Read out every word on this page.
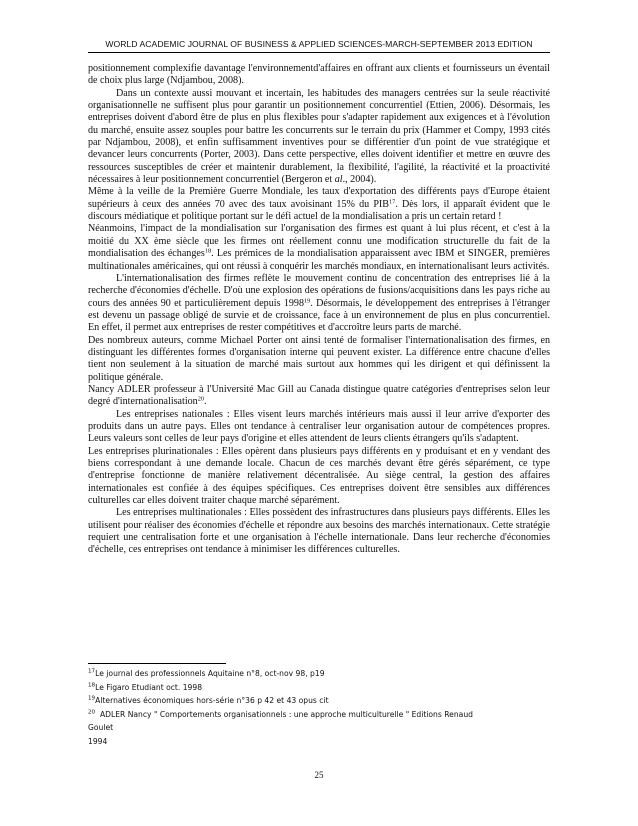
WORLD ACADEMIC JOURNAL OF BUSINESS & APPLIED SCIENCES-MARCH-SEPTEMBER 2013 EDITION

positionnement complexifie davantage l'environnementd'affaires en offrant aux clients et fournisseurs un éventail de choix plus large (Ndjambou, 2008).

Dans un contexte aussi mouvant et incertain, les habitudes des managers centrées sur la seule réactivité organisationnelle ne suffisent plus pour garantir un positionnement concurrentiel (Ettien, 2006). Désormais, les entreprises doivent d'abord être de plus en plus flexibles pour s'adapter rapidement aux exigences et à l'évolution du marché, ensuite assez souples pour battre les concurrents sur le terrain du prix (Hammer et Compy, 1993 cités par Ndjambou, 2008), et enfin suffisamment inventives pour se différentier d'un point de vue stratégique et devancer leurs concurrents (Porter, 2003). Dans cette perspective, elles doivent identifier et mettre en œuvre des ressources susceptibles de créer et maintenir durablement, la flexibilité, l'agilité, la réactivité et la proactivité nécessaires à leur positionnement concurrentiel (Bergeron et al., 2004).

Même à la veille de la Première Guerre Mondiale, les taux d'exportation des différents pays d'Europe étaient supérieurs à ceux des années 70 avec des taux avoisinant 15% du PIB$^{17}$. Dès lors, il apparaît évident que le discours médiatique et politique portant sur le défi actuel de la mondialisation a pris un certain retard !

Néanmoins, l'impact de la mondialisation sur l'organisation des firmes est quant à lui plus récent, et c'est à la moitié du XX ème siècle que les firmes ont réellement connu une modification structurelle du fait de la mondialisation des échanges$^{18}$. Les prémices de la mondialisation apparaissent avec IBM et SINGER, premières multinationales américaines, qui ont réussi à conquérir les marchés mondiaux, en internationalisant leurs activités.

L'internationalisation des firmes reflète le mouvement continu de concentration des entreprises lié à la recherche d'économies d'échelle. D'où une explosion des opérations de fusions/acquisitions dans les pays riche au cours des années 90 et particulièrement depuis 1998$^{19}$. Désormais, le développement des entreprises à l'étranger est devenu un passage obligé de survie et de croissance, face à un environnement de plus en plus concurrentiel. En effet, il permet aux entreprises de rester compétitives et d'accroître leurs parts de marché.

Des nombreux auteurs, comme Michael Porter ont ainsi tenté de formaliser l'internationalisation des firmes, en distinguant les différentes formes d'organisation interne qui peuvent exister. La différence entre chacune d'elles tient non seulement à la situation de marché mais surtout aux hommes qui les dirigent et qui définissent la politique générale.

Nancy ADLER professeur à l'Université Mac Gill au Canada distingue quatre catégories d'entreprises selon leur degré d'internationalisation$^{20}$.

Les entreprises nationales : Elles visent leurs marchés intérieurs mais aussi il leur arrive d'exporter des produits dans un autre pays. Elles ont tendance à centraliser leur organisation autour de compétences propres. Leurs valeurs sont celles de leur pays d'origine et elles attendent de leurs clients étrangers qu'ils s'adaptent.

Les entreprises plurinationales : Elles opèrent dans plusieurs pays différents en y produisant et en y vendant des biens correspondant à une demande locale. Chacun de ces marchés devant être gérés séparément, ce type d'entreprise fonctionne de manière relativement décentralisée. Au siège central, la gestion des affaires internationales est confiée à des équipes spécifiques. Ces entreprises doivent être sensibles aux différences culturelles car elles doivent traiter chaque marché séparément.

Les entreprises multinationales : Elles possèdent des infrastructures dans plusieurs pays différents. Elles les utilisent pour réaliser des économies d'échelle et répondre aux besoins des marchés internationaux. Cette stratégie requiert une centralisation forte et une organisation à l'échelle internationale. Dans leur recherche d'économies d'échelle, ces entreprises ont tendance à minimiser les différences culturelles.

$^{17}$Le journal des professionnels Aquitaine n°8, oct-nov 98, p19
$^{18}$Le Figaro Etudiant oct. 1998
$^{19}$Alternatives économiques hors-série n°36 p 42 et 43 opus cit
$^{20}$  ADLER Nancy " Comportements organisationnels : une approche multiculturelle " Editions Renaud
Goulet
1994
25
